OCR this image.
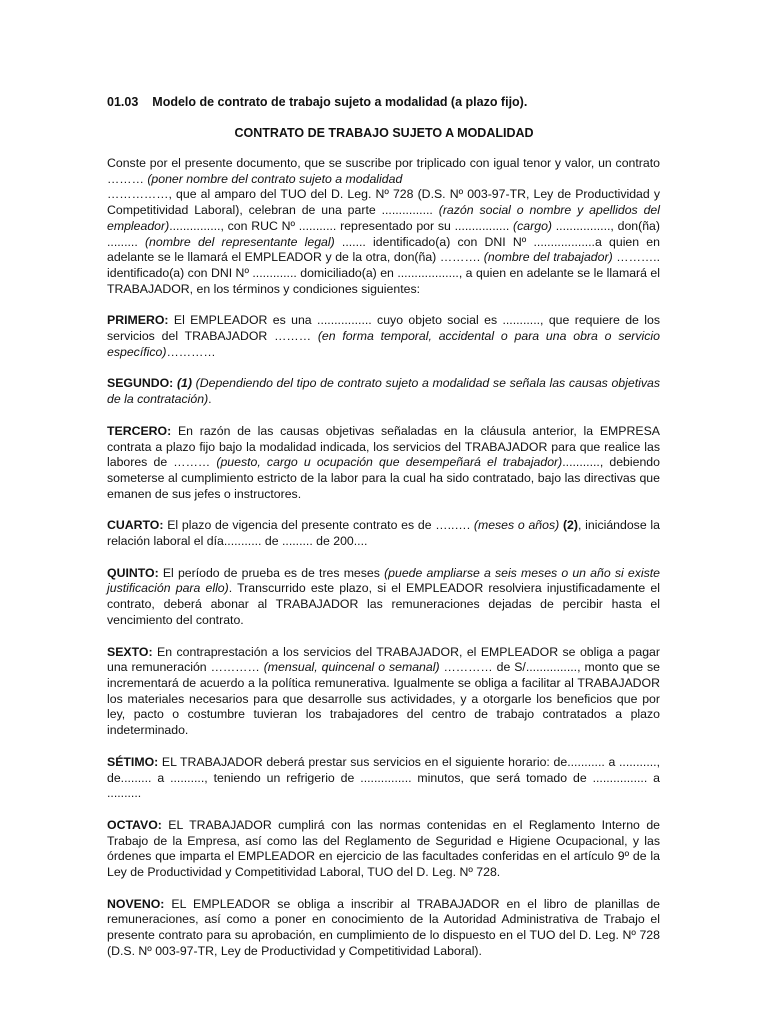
01.03 Modelo de contrato de trabajo sujeto a modalidad (a plazo fijo).
CONTRATO DE TRABAJO SUJETO A MODALIDAD

Conste por el presente documento, que se suscribe por triplicado con igual tenor y valor, un contrato ……… (poner nombre del contrato sujeto a modalidad
……………, que al amparo del TUO del D. Leg. Nº 728 (D.S. Nº 003-97-TR, Ley de Productividad y Competitividad Laboral), celebran de una parte ............... (razón social o nombre y apellidos del empleador)..............., con RUC Nº ........... representado por su ................ (cargo) ................, don(ña) ......... (nombre del representante legal) ....... identificado(a) con DNI Nº ..................a quien en adelante se le llamará el EMPLEADOR y de la otra, don(ña) ………. (nombre del trabajador) ……….. identificado(a) con DNI Nº ............. domiciliado(a) en .................., a quien en adelante se le llamará el TRABAJADOR, en los términos y condiciones siguientes:

PRIMERO: El EMPLEADOR es una ................ cuyo objeto social es ..........., que requiere de los servicios del TRABAJADOR ……… (en forma temporal, accidental o para una obra o servicio específico)…………

SEGUNDO: (1) (Dependiendo del tipo de contrato sujeto a modalidad se señala las causas objetivas de la contratación).

TERCERO: En razón de las causas objetivas señaladas en la cláusula anterior, la EMPRESA contrata a plazo fijo bajo la modalidad indicada, los servicios del TRABAJADOR para que realice las labores de ……… (puesto, cargo u ocupación que desempeñará el trabajador)..........., debiendo someterse al cumplimiento estricto de la labor para la cual ha sido contratado, bajo las directivas que emanen de sus jefes o instructores.

CUARTO: El plazo de vigencia del presente contrato es de …..…. (meses o años) (2), iniciándose la relación laboral el día........... de ......... de 200....

QUINTO: El período de prueba es de tres meses (puede ampliarse a seis meses o un año si existe justificación para ello). Transcurrido este plazo, si el EMPLEADOR resolviera injustificadamente el contrato, deberá abonar al TRABAJADOR las remuneraciones dejadas de percibir hasta el vencimiento del contrato.

SEXTO: En contraprestación a los servicios del TRABAJADOR, el EMPLEADOR se obliga a pagar una remuneración ………… (mensual, quincenal o semanal) ………… de S/..............., monto que se incrementará de acuerdo a la política remunerativa. Igualmente se obliga a facilitar al TRABAJADOR los materiales necesarios para que desarrolle sus actividades, y a otorgarle los beneficios que por ley, pacto o costumbre tuvieran los trabajadores del centro de trabajo contratados a plazo indeterminado.

SÉTIMO: EL TRABAJADOR deberá prestar sus servicios en el siguiente horario: de........... a ..........., de......... a .........., teniendo un refrigerio de ............... minutos, que será tomado de ................ a ..........

OCTAVO: EL TRABAJADOR cumplirá con las normas contenidas en el Reglamento Interno de Trabajo de la Empresa, así como las del Reglamento de Seguridad e Higiene Ocupacional, y las órdenes que imparta el EMPLEADOR en ejercicio de las facultades conferidas en el artículo 9º de la Ley de Productividad y Competitividad Laboral, TUO del D. Leg. Nº 728.

NOVENO: EL EMPLEADOR se obliga a inscribir al TRABAJADOR en el libro de planillas de remuneraciones, así como a poner en conocimiento de la Autoridad Administrativa de Trabajo el presente contrato para su aprobación, en cumplimiento de lo dispuesto en el TUO del D. Leg. Nº 728 (D.S. Nº 003-97-TR, Ley de Productividad y Competitividad Laboral).
